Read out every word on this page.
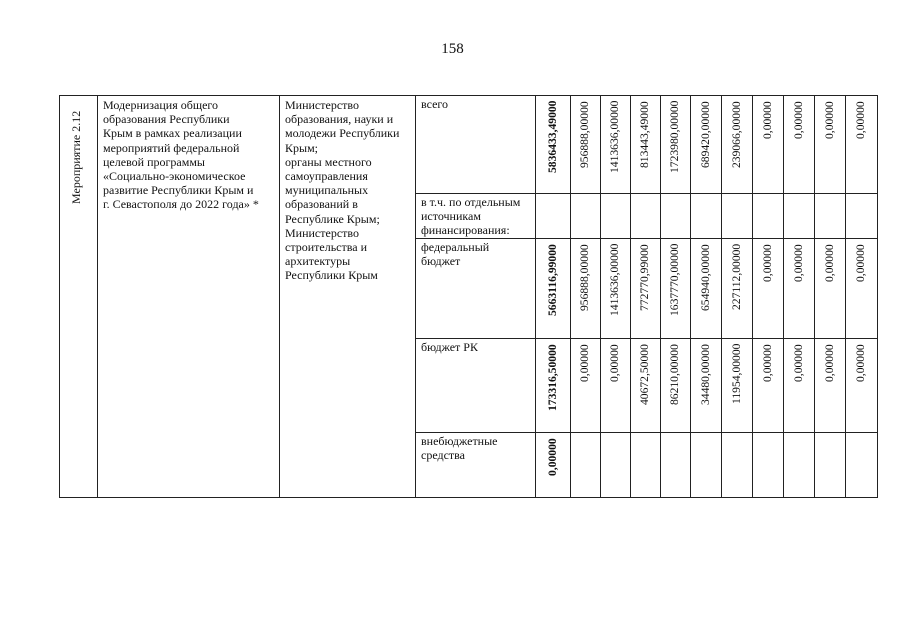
158
Мероприятие 2.12
Модернизация общего
образования Республики
Крым в рамках реализации
мероприятий федеральной
целевой программы
«Социально-экономическое
развитие Республики Крым и
г. Севастополя до 2022 года» *
Министерство
образования, науки и
молодежи Республики
Крым;
органы местного
самоуправления
муниципальных
образований в
Республике Крым;
Министерство
строительства и
архитектуры
Республики Крым
всего	5836433,49000 956888,00000 1413636,00000 813443,49000 1723980,00000 689420,00000 239066,00000 0,00000 0,00000 0,00000 0,00000
в т.ч. по отдельным
источникам
финансирования:
федеральный
бюджет	5663116,99000 956888,00000 1413636,00000 772770,99000 1637770,00000 654940,00000 227112,00000 0,00000 0,00000 0,00000 0,00000
бюджет РК	173316,50000 0,00000 0,00000 40672,50000 86210,00000 34480,00000 11954,00000 0,00000 0,00000 0,00000 0,00000
внебюджетные
средства	0,00000
